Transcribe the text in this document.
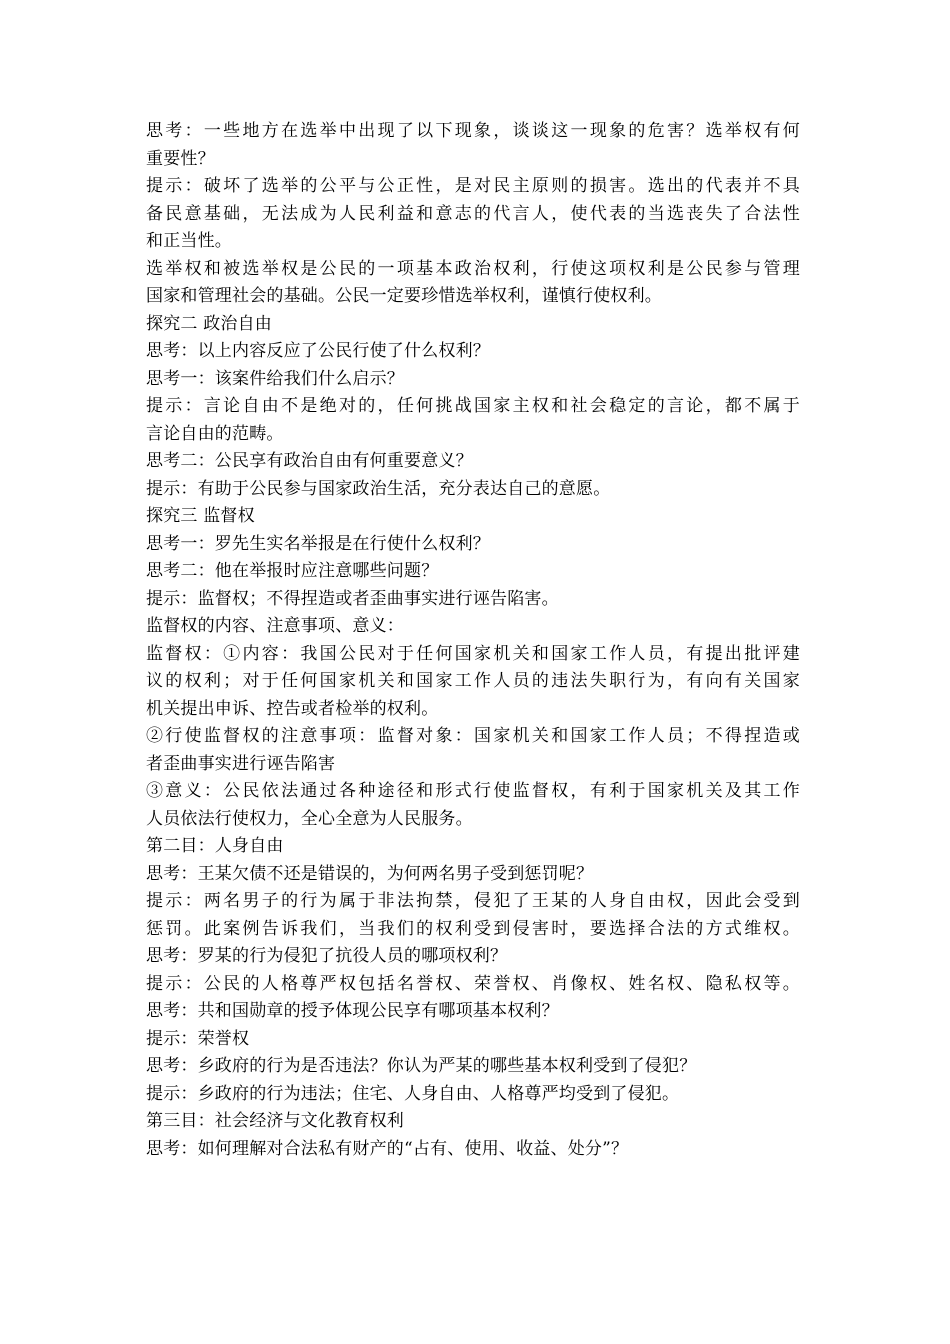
思考：一些地方在选举中出现了以下现象，谈谈这一现象的危害？选举权有何
重要性？
提示：破坏了选举的公平与公正性，是对民主原则的损害。选出的代表并不具
备民意基础，无法成为人民利益和意志的代言人，使代表的当选丧失了合法性
和正当性。
选举权和被选举权是公民的一项基本政治权利，行使这项权利是公民参与管理
国家和管理社会的基础。公民一定要珍惜选举权利，谨慎行使权利。
探究二 政治自由
思考：以上内容反应了公民行使了什么权利？
思考一：该案件给我们什么启示？
提示：言论自由不是绝对的，任何挑战国家主权和社会稳定的言论，都不属于
言论自由的范畴。
思考二：公民享有政治自由有何重要意义？
提示：有助于公民参与国家政治生活，充分表达自己的意愿。
探究三 监督权
思考一：罗先生实名举报是在行使什么权利？
思考二：他在举报时应注意哪些问题？
提示：监督权；不得捏造或者歪曲事实进行诬告陷害。
监督权的内容、注意事项、意义：
监督权：①内容：我国公民对于任何国家机关和国家工作人员，有提出批评建
议的权利；对于任何国家机关和国家工作人员的违法失职行为，有向有关国家
机关提出申诉、控告或者检举的权利。
②行使监督权的注意事项：监督对象：国家机关和国家工作人员；不得捏造或
者歪曲事实进行诬告陷害
③意义：公民依法通过各种途径和形式行使监督权，有利于国家机关及其工作
人员依法行使权力，全心全意为人民服务。
第二目：人身自由
思考：王某欠债不还是错误的，为何两名男子受到惩罚呢？
提示：两名男子的行为属于非法拘禁，侵犯了王某的人身自由权，因此会受到
惩罚。此案例告诉我们，当我们的权利受到侵害时，要选择合法的方式维权。
思考：罗某的行为侵犯了抗役人员的哪项权利？
提示：公民的人格尊严权包括名誉权、荣誉权、肖像权、姓名权、隐私权等。
思考：共和国勋章的授予体现公民享有哪项基本权利？
提示：荣誉权
思考：乡政府的行为是否违法？你认为严某的哪些基本权利受到了侵犯？
提示：乡政府的行为违法；住宅、人身自由、人格尊严均受到了侵犯。
第三目：社会经济与文化教育权利
思考：如何理解对合法私有财产的“占有、使用、收益、处分”？
